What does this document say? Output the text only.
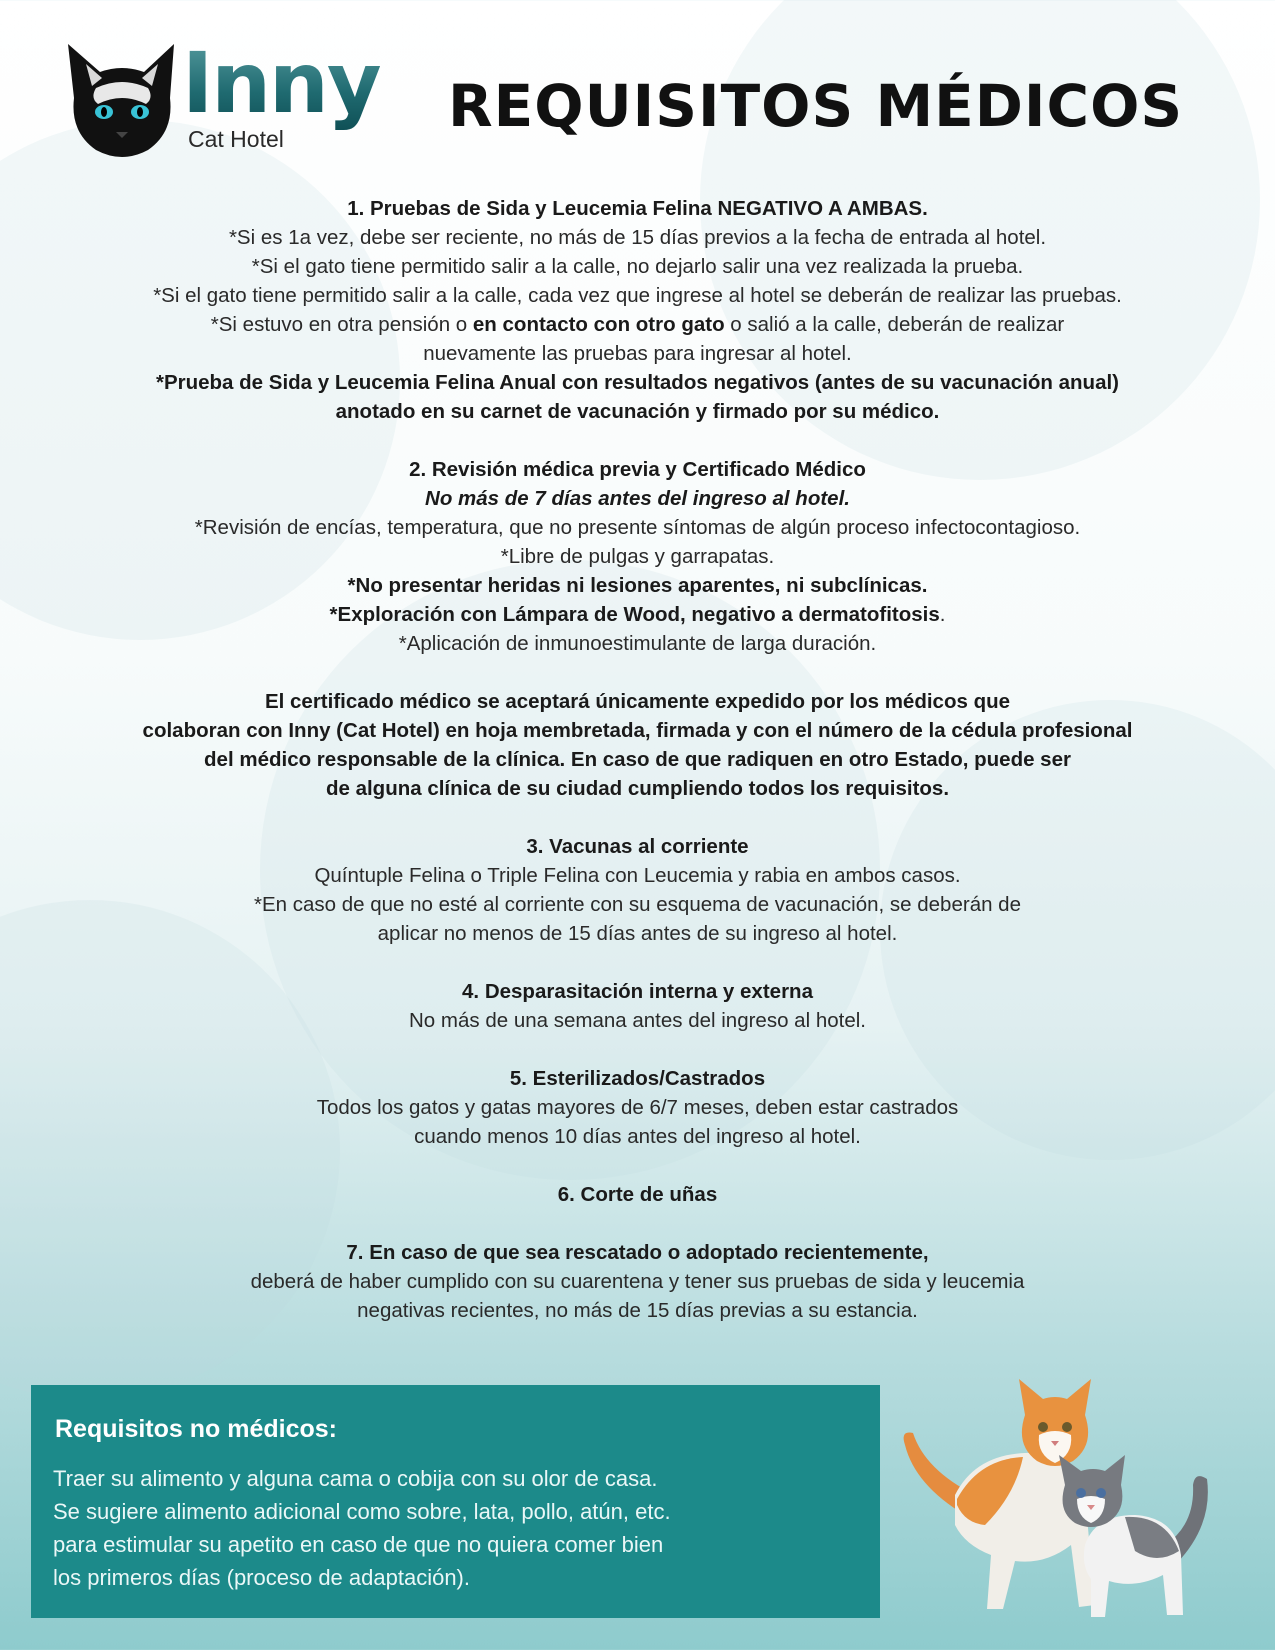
Inny
Cat Hotel	REQUISITOS MÉDICOS

1. Pruebas de Sida y Leucemia Felina NEGATIVO A AMBAS.

*Si es 1a vez, debe ser reciente, no más de 15 días previos a la fecha de entrada al hotel.

*Si el gato tiene permitido salir a la calle, no dejarlo salir una vez realizada la prueba.

*Si el gato tiene permitido salir a la calle, cada vez que ingrese al hotel se deberán de realizar las pruebas.

*Si estuvo en otra pensión o en contacto con otro gato o salió a la calle, deberán de realizar

nuevamente las pruebas para ingresar al hotel.

*Prueba de Sida y Leucemia Felina Anual con resultados negativos (antes de su vacunación anual)

anotado en su carnet de vacunación y firmado por su médico.

2. Revisión médica previa y Certificado Médico

No más de 7 días antes del ingreso al hotel.

*Revisión de encías, temperatura, que no presente síntomas de algún proceso infectocontagioso.

*Libre de pulgas y garrapatas.

*No presentar heridas ni lesiones aparentes, ni subclínicas.

*Exploración con Lámpara de Wood, negativo a dermatofitosis.

*Aplicación de inmunoestimulante de larga duración.

El certificado médico se aceptará únicamente expedido por los médicos que

colaboran con Inny (Cat Hotel) en hoja membretada, firmada y con el número de la cédula profesional

del médico responsable de la clínica. En caso de que radiquen en otro Estado, puede ser

de alguna clínica de su ciudad cumpliendo todos los requisitos.

3. Vacunas al corriente

Quíntuple Felina o Triple Felina con Leucemia y rabia en ambos casos.

*En caso de que no esté al corriente con su esquema de vacunación, se deberán de

aplicar no menos de 15 días antes de su ingreso al hotel.

4. Desparasitación interna y externa

No más de una semana antes del ingreso al hotel.

5. Esterilizados/Castrados

Todos los gatos y gatas mayores de 6/7 meses, deben estar castrados

cuando menos 10 días antes del ingreso al hotel.

6. Corte de uñas

7. En caso de que sea rescatado o adoptado recientemente,

deberá de haber cumplido con su cuarentena y tener sus pruebas de sida y leucemia

negativas recientes, no más de 15 días previas a su estancia.

Requisitos no médicos:

Traer su alimento y alguna cama o cobija con su olor de casa.

Se sugiere alimento adicional como sobre, lata, pollo, atún, etc.

para estimular su apetito en caso de que no quiera comer bien

los primeros días (proceso de adaptación).
